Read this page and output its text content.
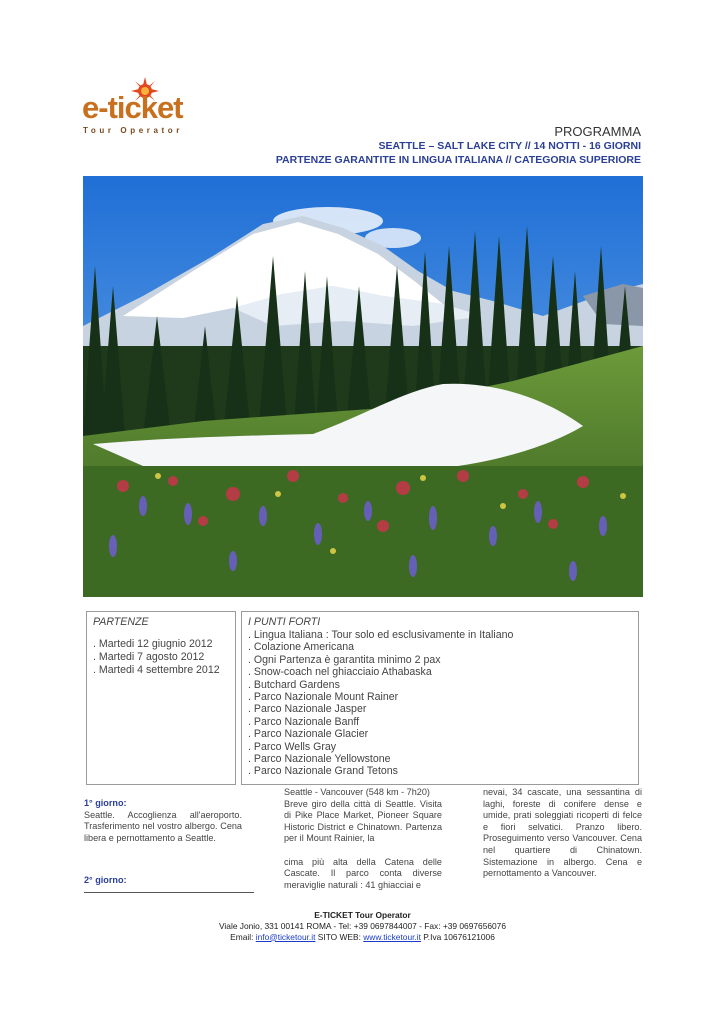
e-ticket
Tour Operator	PROGRAMMA
SEATTLE – SALT LAKE CITY // 14 NOTTI - 16 GIORNI
PARTENZE GARANTITE IN LINGUA ITALIANA // CATEGORIA SUPERIORE
PARTENZE
. Martedi 12 giugnio 2012
. Martedi 7 agosto 2012
. Martedi 4 settembre 2012
I PUNTI FORTI
. Lingua Italiana : Tour solo ed esclusivamente in Italiano
. Colazione Americana
. Ogni Partenza è garantita minimo 2 pax
. Snow-coach nel ghiacciaio Athabaska
. Butchard Gardens
. Parco Nazionale Mount Rainer
. Parco Nazionale Jasper
. Parco Nazionale Banff
. Parco Nazionale Glacier
. Parco Wells Gray
. Parco Nazionale Yellowstone
. Parco Nazionale Grand Tetons
1° giorno:
Seattle. Accoglienza all'aeroporto. Trasferimento nel vostro albergo. Cena libera e pernottamento a Seattle.
2° giorno:
Seattle - Vancouver (548 km - 7h20)
Breve giro della città di Seattle. Visita di Pike Place Market, Pioneer Square Historic District e Chinatown. Partenza per il Mount Rainier, la
cima più alta della Catena delle Cascate. Il parco conta diverse meraviglie naturali : 41 ghiacciai e
nevai, 34 cascate, una sessantina di laghi, foreste di conifere dense e umide, prati soleggiati ricoperti di felce e fiori selvatici. Pranzo libero. Proseguimento verso Vancouver. Cena nel quartiere di Chinatown. Sistemazione in albergo. Cena e pernottamento a Vancouver.
E-TICKET Tour Operator
Viale Jonio, 331 00141 ROMA - Tel: +39 0697844007 - Fax: +39 0697656076
Email: info@ticketour.it SITO WEB: www.ticketour.it P.Iva 10676121006
